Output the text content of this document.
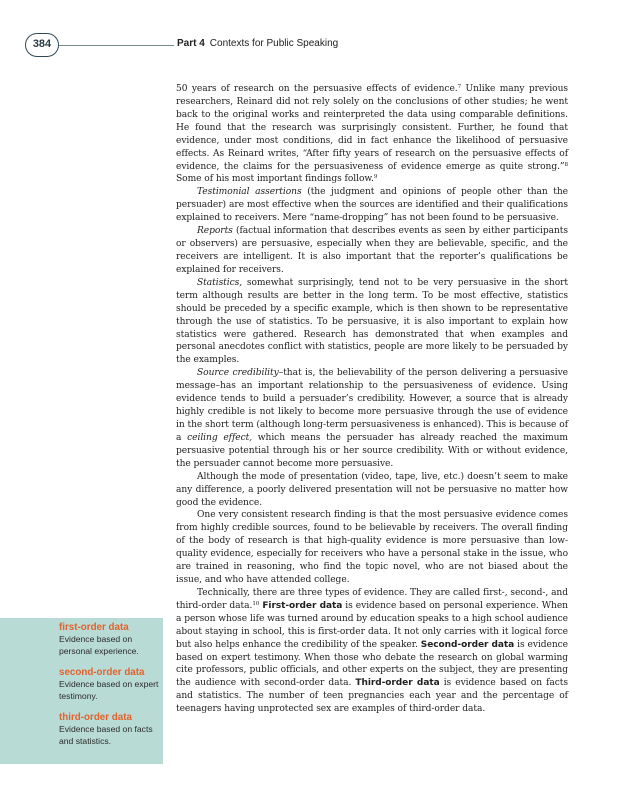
384	Part 4 Contexts for Public Speaking

50 years of research on the persuasive effects of evidence.$^7$ Unlike many previous researchers, Reinard did not rely solely on the conclusions of other studies; he went back to the original works and reinterpreted the data using comparable definitions. He found that the research was surprisingly consistent. Further, he found that evidence, under most conditions, did in fact enhance the likelihood of persuasive effects. As Reinard writes, “After fifty years of research on the persuasive effects of evidence, the claims for the persuasiveness of evidence emerge as quite strong.”$^8$ Some of his most important findings follow.$^9$

Testimonial assertions (the judgment and opinions of people other than the persuader) are most effective when the sources are identified and their qualifications explained to receivers. Mere “name-dropping” has not been found to be persuasive.

Reports (factual information that describes events as seen by either participants or observers) are persuasive, especially when they are believable, specific, and the receivers are intelligent. It is also important that the reporter’s qualifications be explained for receivers.

Statistics, somewhat surprisingly, tend not to be very persuasive in the short term although results are better in the long term. To be most effective, statistics should be preceded by a specific example, which is then shown to be representative through the use of statistics. To be persuasive, it is also important to explain how statistics were gathered. Research has demonstrated that when examples and personal anecdotes conflict with statistics, people are more likely to be persuaded by the examples.

Source credibility–that is, the believability of the person delivering a persuasive message–has an important relationship to the persuasiveness of evidence. Using evidence tends to build a persuader’s credibility. However, a source that is already highly credible is not likely to become more persuasive through the use of evidence in the short term (although long-term persuasiveness is enhanced). This is because of a ceiling effect, which means the persuader has already reached the maximum persuasive potential through his or her source credibility. With or without evidence, the persuader cannot become more persuasive.

Although the mode of presentation (video, tape, live, etc.) doesn’t seem to make any difference, a poorly delivered presentation will not be persuasive no matter how good the evidence.

One very consistent research finding is that the most persuasive evidence comes from highly credible sources, found to be believable by receivers. The overall finding of the body of research is that high-quality evidence is more persuasive than low-quality evidence, especially for receivers who have a personal stake in the issue, who are trained in reasoning, who find the topic novel, who are not biased about the issue, and who have attended college.

Technically, there are three types of evidence. They are called first-, second-, and third-order data.$^{10}$ First-order data is evidence based on personal experience. When a person whose life was turned around by education speaks to a high school audience about staying in school, this is first-order data. It not only carries with it logical force but also helps enhance the credibility of the speaker. Second-order data is evidence based on expert testimony. When those who debate the research on global warming cite professors, public officials, and other experts on the subject, they are presenting the audience with second-order data. Third-order data is evidence based on facts and statistics. The number of teen pregnancies each year and the percentage of teenagers having unprotected sex are examples of third-order data.

first-order data
Evidence based on personal experience.
second-order data
Evidence based on expert testimony.
third-order data
Evidence based on facts and statistics.
